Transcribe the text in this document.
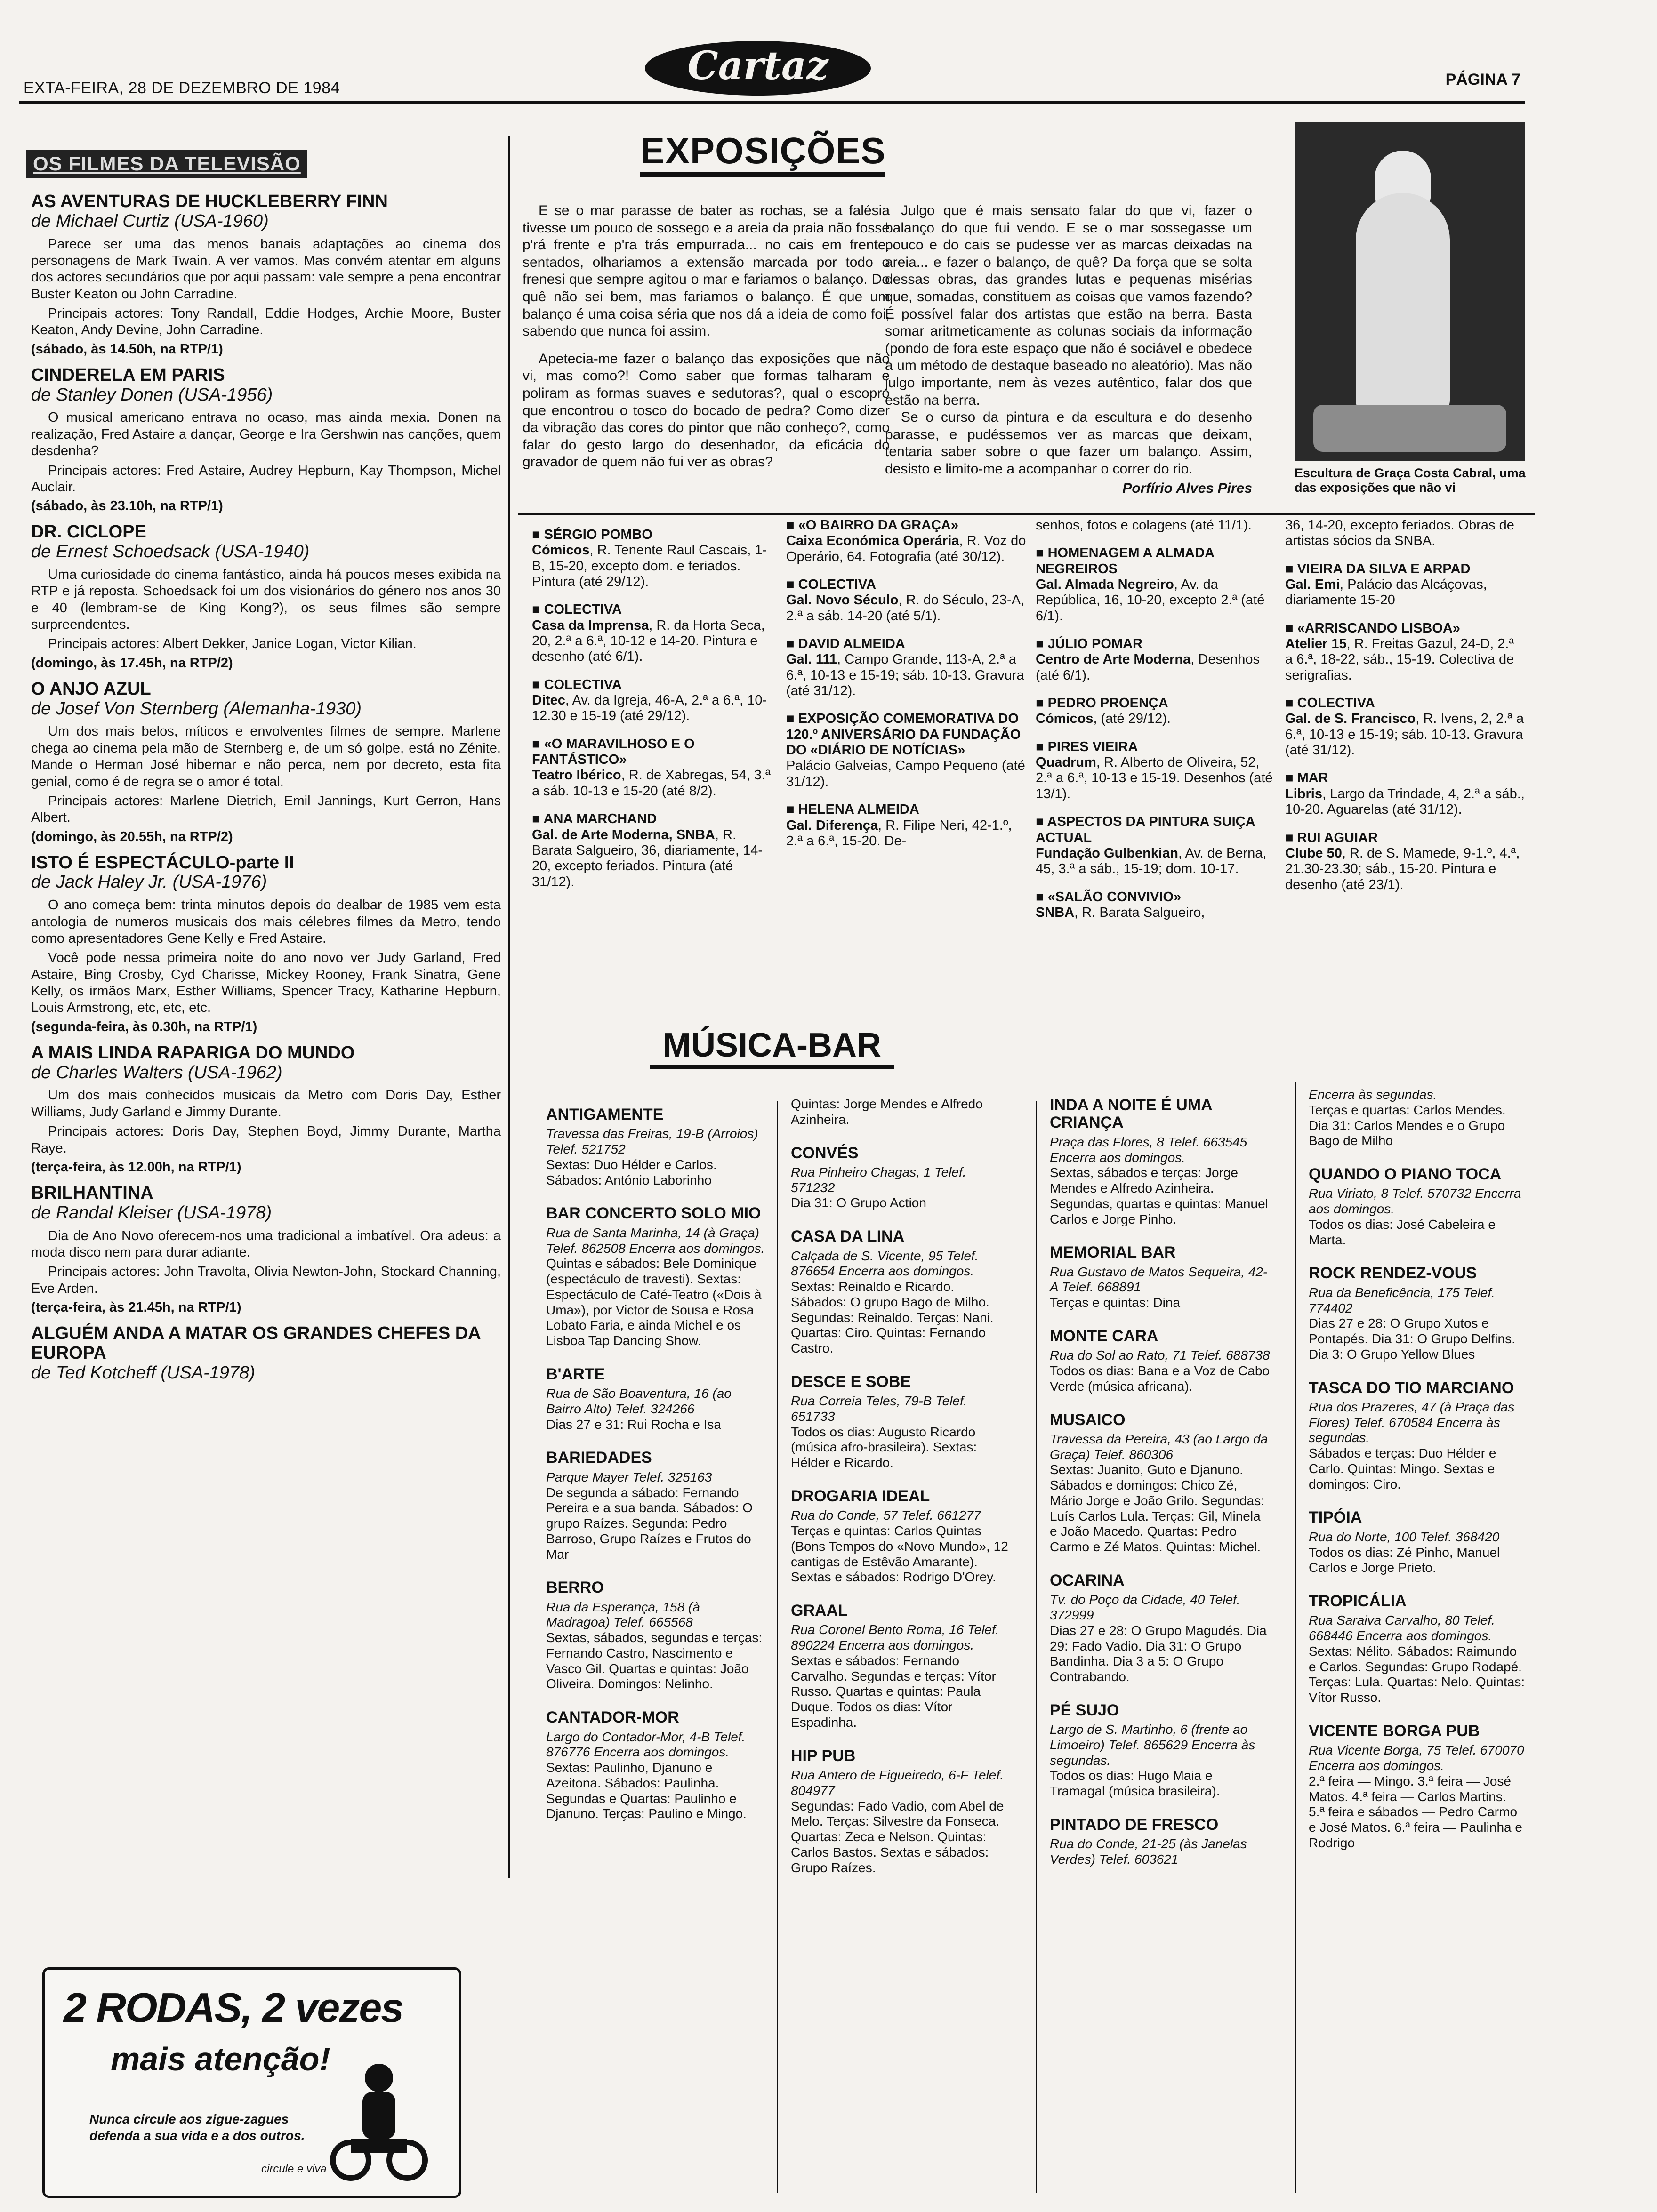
EXTA-FEIRA, 28 DE DEZEMBRO DE 1984	Cartaz	PÁGINA 7
OS FILMES DA TELEVISÃO
AS AVENTURAS DE HUCKLEBERRY FINN
de Michael Curtiz (USA-1960)

Parece ser uma das menos banais adaptações ao cinema dos personagens de Mark Twain. A ver vamos. Mas convém atentar em alguns dos actores secundários que por aqui passam: vale sempre a pena encontrar Buster Keaton ou John Carradine.

Principais actores: Tony Randall, Eddie Hodges, Archie Moore, Buster Keaton, Andy Devine, John Carradine.

(sábado, às 14.50h, na RTP/1)
CINDERELA EM PARIS
de Stanley Donen (USA-1956)

O musical americano entrava no ocaso, mas ainda mexia. Donen na realização, Fred Astaire a dançar, George e Ira Gershwin nas canções, quem desdenha?

Principais actores: Fred Astaire, Audrey Hepburn, Kay Thompson, Michel Auclair.

(sábado, às 23.10h, na RTP/1)
DR. CICLOPE
de Ernest Schoedsack (USA-1940)

Uma curiosidade do cinema fantástico, ainda há poucos meses exibida na RTP e já reposta. Schoedsack foi um dos visionários do género nos anos 30 e 40 (lembram-se de King Kong?), os seus filmes são sempre surpreendentes.

Principais actores: Albert Dekker, Janice Logan, Victor Kilian.

(domingo, às 17.45h, na RTP/2)
O ANJO AZUL
de Josef Von Sternberg (Alemanha-1930)

Um dos mais belos, míticos e envolventes filmes de sempre. Marlene chega ao cinema pela mão de Sternberg e, de um só golpe, está no Zénite. Mande o Herman José hibernar e não perca, nem por decreto, esta fita genial, como é de regra se o amor é total.

Principais actores: Marlene Dietrich, Emil Jannings, Kurt Gerron, Hans Albert.

(domingo, às 20.55h, na RTP/2)
ISTO É ESPECTÁCULO-parte II
de Jack Haley Jr. (USA-1976)

O ano começa bem: trinta minutos depois do dealbar de 1985 vem esta antologia de numeros musicais dos mais célebres filmes da Metro, tendo como apresentadores Gene Kelly e Fred Astaire.

Você pode nessa primeira noite do ano novo ver Judy Garland, Fred Astaire, Bing Crosby, Cyd Charisse, Mickey Rooney, Frank Sinatra, Gene Kelly, os irmãos Marx, Esther Williams, Spencer Tracy, Katharine Hepburn, Louis Armstrong, etc, etc, etc.

(segunda-feira, às 0.30h, na RTP/1)
A MAIS LINDA RAPARIGA DO MUNDO
de Charles Walters (USA-1962)

Um dos mais conhecidos musicais da Metro com Doris Day, Esther Williams, Judy Garland e Jimmy Durante.

Principais actores: Doris Day, Stephen Boyd, Jimmy Durante, Martha Raye.

(terça-feira, às 12.00h, na RTP/1)
BRILHANTINA
de Randal Kleiser (USA-1978)

Dia de Ano Novo oferecem-nos uma tradicional a imbatível. Ora adeus: a moda disco nem para durar adiante.

Principais actores: John Travolta, Olivia Newton-John, Stockard Channing, Eve Arden.

(terça-feira, às 21.45h, na RTP/1)
ALGUÉM ANDA A MATAR OS GRANDES CHEFES DA EUROPA
de Ted Kotcheff (USA-1978)
2 RODAS, 2 vezes
mais atenção!
Nunca circule aos zigue-zagues defenda a sua vida e a dos outros.
circule e viva
EXPOSIÇÕES

E se o mar parasse de bater as rochas, se a falésia tivesse um pouco de sossego e a areia da praia não fosse p'rá frente e p'ra trás empurrada... no cais em frente, sentados, olhariamos a extensão marcada por todo o frenesi que sempre agitou o mar e fariamos o balanço. Do quê não sei bem, mas fariamos o balanço. É que um balanço é uma coisa séria que nos dá a ideia de como foi, sabendo que nunca foi assim.

Apetecia-me fazer o balanço das exposições que não vi, mas como?! Como saber que formas talharam e poliram as formas suaves e sedutoras?, qual o escopro que encontrou o tosco do bocado de pedra? Como dizer da vibração das cores do pintor que não conheço?, como falar do gesto largo do desenhador, da eficácia do gravador de quem não fui ver as obras?

Julgo que é mais sensato falar do que vi, fazer o balanço do que fui vendo. E se o mar sossegasse um pouco e do cais se pudesse ver as marcas deixadas na areia... e fazer o balanço, de quê? Da força que se solta dessas obras, das grandes lutas e pequenas misérias que, somadas, constituem as coisas que vamos fazendo? É possível falar dos artistas que estão na berra. Basta somar aritmeticamente as colunas sociais da informação (pondo de fora este espaço que não é sociável e obedece a um método de destaque baseado no aleatório). Mas não julgo importante, nem às vezes autêntico, falar dos que estão na berra.

Se o curso da pintura e da escultura e do desenho parasse, e pudéssemos ver as marcas que deixam, tentaria saber sobre o que fazer um balanço. Assim, desisto e limito-me a acompanhar o correr do rio.

Porfírio Alves Pires
Escultura de Graça Costa Cabral, uma das exposições que não vi
■ SÉRGIO POMBO
Cómicos, R. Tenente Raul Cascais, 1-B, 15-20, excepto dom. e feriados. Pintura (até 29/12).
■ COLECTIVA
Casa da Imprensa, R. da Horta Seca, 20, 2.ª a 6.ª, 10-12 e 14-20. Pintura e desenho (até 6/1).
■ COLECTIVA
Ditec, Av. da Igreja, 46-A, 2.ª a 6.ª, 10-12.30 e 15-19 (até 29/12).
■ «O MARAVILHOSO E O FANTÁSTICO»
Teatro Ibérico, R. de Xabregas, 54, 3.ª a sáb. 10-13 e 15-20 (até 8/2).
■ ANA MARCHAND
Gal. de Arte Moderna, SNBA, R. Barata Salgueiro, 36, diariamente, 14-20, excepto feriados. Pintura (até 31/12).
■ «O BAIRRO DA GRAÇA»
Caixa Económica Operária, R. Voz do Operário, 64. Fotografia (até 30/12).
■ COLECTIVA
Gal. Novo Século, R. do Século, 23-A, 2.ª a sáb. 14-20 (até 5/1).
■ DAVID ALMEIDA
Gal. 111, Campo Grande, 113-A, 2.ª a 6.ª, 10-13 e 15-19; sáb. 10-13. Gravura (até 31/12).
■ EXPOSIÇÃO COMEMORATIVA DO 120.º ANIVERSÁRIO DA FUNDAÇÃO DO «DIÁRIO DE NOTÍCIAS»
Palácio Galveias, Campo Pequeno (até 31/12).
■ HELENA ALMEIDA
Gal. Diferença, R. Filipe Neri, 42-1.º, 2.ª a 6.ª, 15-20. De-
senhos, fotos e colagens (até 11/1).
■ HOMENAGEM A ALMADA NEGREIROS
Gal. Almada Negreiro, Av. da República, 16, 10-20, excepto 2.ª (até 6/1).
■ JÚLIO POMAR
Centro de Arte Moderna, Desenhos (até 6/1).
■ PEDRO PROENÇA
Cómicos, (até 29/12).
■ PIRES VIEIRA
Quadrum, R. Alberto de Oliveira, 52, 2.ª a 6.ª, 10-13 e 15-19. Desenhos (até 13/1).
■ ASPECTOS DA PINTURA SUIÇA ACTUAL
Fundação Gulbenkian, Av. de Berna, 45, 3.ª a sáb., 15-19; dom. 10-17.
■ «SALÃO CONVIVIO»
SNBA, R. Barata Salgueiro,
36, 14-20, excepto feriados. Obras de artistas sócios da SNBA.
■ VIEIRA DA SILVA E ARPAD
Gal. Emi, Palácio das Alcáçovas, diariamente 15-20
■ «ARRISCANDO LISBOA»
Atelier 15, R. Freitas Gazul, 24-D, 2.ª a 6.ª, 18-22, sáb., 15-19. Colectiva de serigrafias.
■ COLECTIVA
Gal. de S. Francisco, R. Ivens, 2, 2.ª a 6.ª, 10-13 e 15-19; sáb. 10-13. Gravura (até 31/12).
■ MAR
Libris, Largo da Trindade, 4, 2.ª a sáb., 10-20. Aguarelas (até 31/12).
■ RUI AGUIAR
Clube 50, R. de S. Mamede, 9-1.º, 4.ª, 21.30-23.30; sáb., 15-20. Pintura e desenho (até 23/1).
MÚSICA-BAR
ANTIGAMENTE
Travessa das Freiras, 19-B (Arroios) Telef. 521752
Sextas: Duo Hélder e Carlos. Sábados: António Laborinho
BAR CONCERTO SOLO MIO
Rua de Santa Marinha, 14 (à Graça) Telef. 862508 Encerra aos domingos.
Quintas e sábados: Bele Dominique (espectáculo de travesti). Sextas: Espectáculo de Café-Teatro («Dois à Uma»), por Victor de Sousa e Rosa Lobato Faria, e ainda Michel e os Lisboa Tap Dancing Show.
B'ARTE
Rua de São Boaventura, 16 (ao Bairro Alto) Telef. 324266
Dias 27 e 31: Rui Rocha e Isa
BARIEDADES
Parque Mayer Telef. 325163
De segunda a sábado: Fernando Pereira e a sua banda. Sábados: O grupo Raízes. Segunda: Pedro Barroso, Grupo Raízes e Frutos do Mar
BERRO
Rua da Esperança, 158 (à Madragoa) Telef. 665568
Sextas, sábados, segundas e terças: Fernando Castro, Nascimento e Vasco Gil. Quartas e quintas: João Oliveira. Domingos: Nelinho.
CANTADOR-MOR
Largo do Contador-Mor, 4-B Telef. 876776 Encerra aos domingos.
Sextas: Paulinho, Djanuno e Azeitona. Sábados: Paulinha. Segundas e Quartas: Paulinho e Djanuno. Terças: Paulino e Mingo.
Quintas: Jorge Mendes e Alfredo Azinheira.
CONVÉS
Rua Pinheiro Chagas, 1 Telef. 571232
Dia 31: O Grupo Action
CASA DA LINA
Calçada de S. Vicente, 95 Telef. 876654 Encerra aos domingos.
Sextas: Reinaldo e Ricardo. Sábados: O grupo Bago de Milho. Segundas: Reinaldo. Terças: Nani. Quartas: Ciro. Quintas: Fernando Castro.
DESCE E SOBE
Rua Correia Teles, 79-B Telef. 651733
Todos os dias: Augusto Ricardo (música afro-brasileira). Sextas: Hélder e Ricardo.
DROGARIA IDEAL
Rua do Conde, 57 Telef. 661277
Terças e quintas: Carlos Quintas (Bons Tempos do «Novo Mundo», 12 cantigas de Estêvão Amarante). Sextas e sábados: Rodrigo D'Orey.
GRAAL
Rua Coronel Bento Roma, 16 Telef. 890224 Encerra aos domingos.
Sextas e sábados: Fernando Carvalho. Segundas e terças: Vítor Russo. Quartas e quintas: Paula Duque. Todos os dias: Vítor Espadinha.
HIP PUB
Rua Antero de Figueiredo, 6-F Telef. 804977
Segundas: Fado Vadio, com Abel de Melo. Terças: Silvestre da Fonseca. Quartas: Zeca e Nelson. Quintas: Carlos Bastos. Sextas e sábados: Grupo Raízes.
INDA A NOITE É UMA CRIANÇA
Praça das Flores, 8 Telef. 663545 Encerra aos domingos.
Sextas, sábados e terças: Jorge Mendes e Alfredo Azinheira. Segundas, quartas e quintas: Manuel Carlos e Jorge Pinho.
MEMORIAL BAR
Rua Gustavo de Matos Sequeira, 42-A Telef. 668891
Terças e quintas: Dina
MONTE CARA
Rua do Sol ao Rato, 71 Telef. 688738
Todos os dias: Bana e a Voz de Cabo Verde (música africana).
MUSAICO
Travessa da Pereira, 43 (ao Largo da Graça) Telef. 860306
Sextas: Juanito, Guto e Djanuno. Sábados e domingos: Chico Zé, Mário Jorge e João Grilo. Segundas: Luís Carlos Lula. Terças: Gil, Minela e João Macedo. Quartas: Pedro Carmo e Zé Matos. Quintas: Michel.
OCARINA
Tv. do Poço da Cidade, 40 Telef. 372999
Dias 27 e 28: O Grupo Magudés. Dia 29: Fado Vadio. Dia 31: O Grupo Bandinha. Dia 3 a 5: O Grupo Contrabando.
PÉ SUJO
Largo de S. Martinho, 6 (frente ao Limoeiro) Telef. 865629 Encerra às segundas.
Todos os dias: Hugo Maia e Tramagal (música brasileira).
PINTADO DE FRESCO
Rua do Conde, 21-25 (às Janelas Verdes) Telef. 603621
Encerra às segundas.
Terças e quartas: Carlos Mendes. Dia 31: Carlos Mendes e o Grupo Bago de Milho
QUANDO O PIANO TOCA
Rua Viriato, 8 Telef. 570732 Encerra aos domingos.
Todos os dias: José Cabeleira e Marta.
ROCK RENDEZ-VOUS
Rua da Beneficência, 175 Telef. 774402
Dias 27 e 28: O Grupo Xutos e Pontapés. Dia 31: O Grupo Delfins. Dia 3: O Grupo Yellow Blues
TASCA DO TIO MARCIANO
Rua dos Prazeres, 47 (à Praça das Flores) Telef. 670584 Encerra às segundas.
Sábados e terças: Duo Hélder e Carlo. Quintas: Mingo. Sextas e domingos: Ciro.
TIPÓIA
Rua do Norte, 100 Telef. 368420
Todos os dias: Zé Pinho, Manuel Carlos e Jorge Prieto.
TROPICÁLIA
Rua Saraiva Carvalho, 80 Telef. 668446 Encerra aos domingos.
Sextas: Nélito. Sábados: Raimundo e Carlos. Segundas: Grupo Rodapé. Terças: Lula. Quartas: Nelo. Quintas: Vítor Russo.
VICENTE BORGA PUB
Rua Vicente Borga, 75 Telef. 670070 Encerra aos domingos.
2.ª feira — Mingo. 3.ª feira — José Matos. 4.ª feira — Carlos Martins. 5.ª feira e sábados — Pedro Carmo e José Matos. 6.ª feira — Paulinha e Rodrigo
